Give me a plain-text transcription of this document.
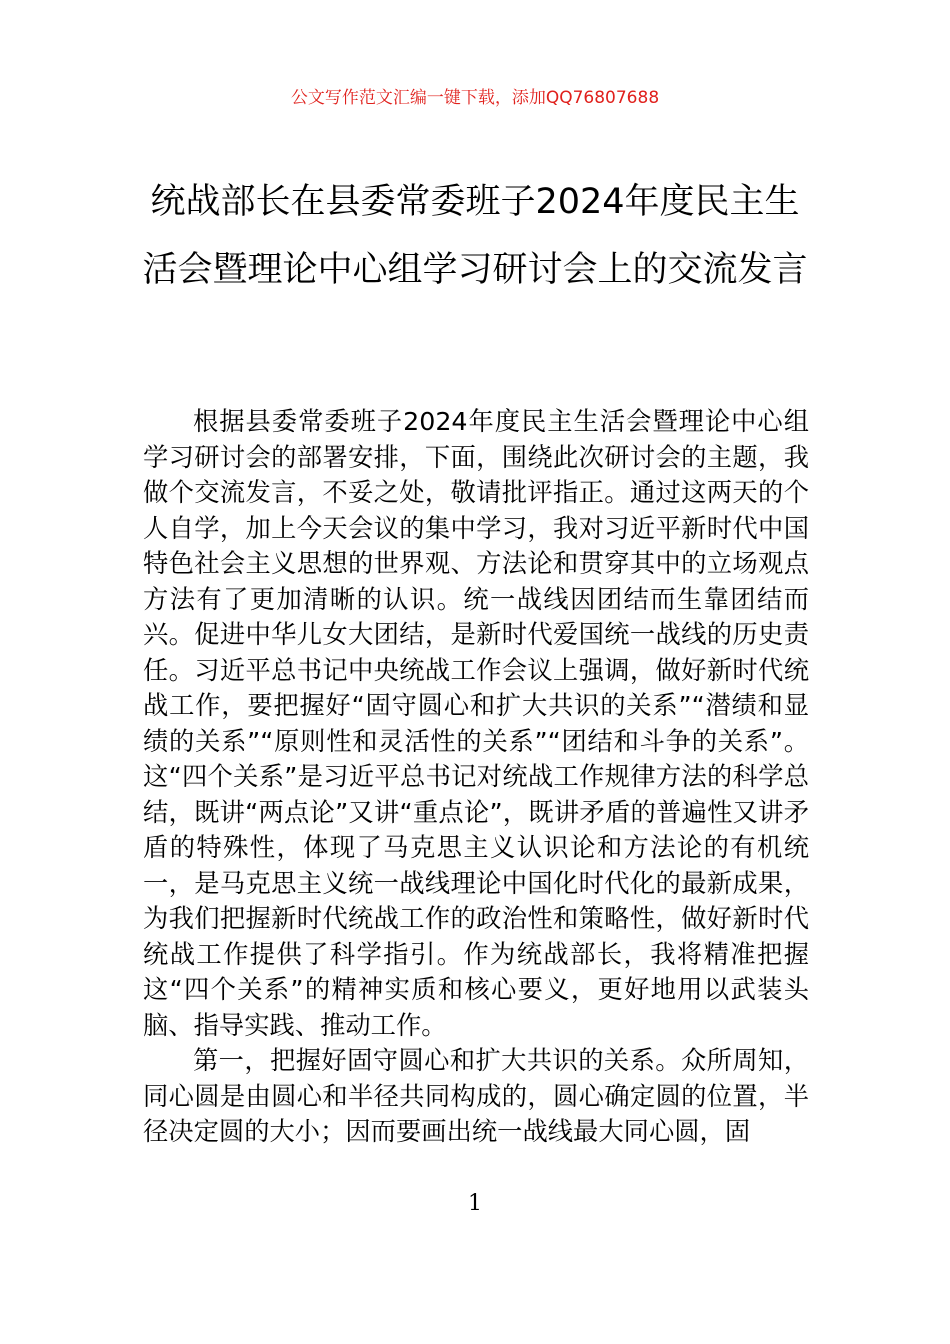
公文写作范文汇编一键下载，添加QQ76807688
统战部长在县委常委班子2024年度民主生活会暨理论中心组学习研讨会上的交流发言

根据县委常委班子2024年度民主生活会暨理论中心组学习研讨会的部署安排，下面，围绕此次研讨会的主题，我做个交流发言，不妥之处，敬请批评指正。通过这两天的个人自学，加上今天会议的集中学习，我对习近平新时代中国特色社会主义思想的世界观、方法论和贯穿其中的立场观点方法有了更加清晰的认识。统一战线因团结而生靠团结而兴。促进中华儿女大团结，是新时代爱国统一战线的历史责任。习近平总书记中央统战工作会议上强调，做好新时代统战工作，要把握好“固守圆心和扩大共识的关系”“潜绩和显绩的关系”“原则性和灵活性的关系”“团结和斗争的关系”。这“四个关系”是习近平总书记对统战工作规律方法的科学总结，既讲“两点论”又讲“重点论”，既讲矛盾的普遍性又讲矛盾的特殊性，体现了马克思主义认识论和方法论的有机统一，是马克思主义统一战线理论中国化时代化的最新成果，为我们把握新时代统战工作的政治性和策略性，做好新时代统战工作提供了科学指引。作为统战部长，我将精准把握这“四个关系”的精神实质和核心要义，更好地用以武装头脑、指导实践、推动工作。

第一，把握好固守圆心和扩大共识的关系。众所周知，同心圆是由圆心和半径共同构成的，圆心确定圆的位置，半径决定圆的大小；因而要画出统一战线最大同心圆，固

1
